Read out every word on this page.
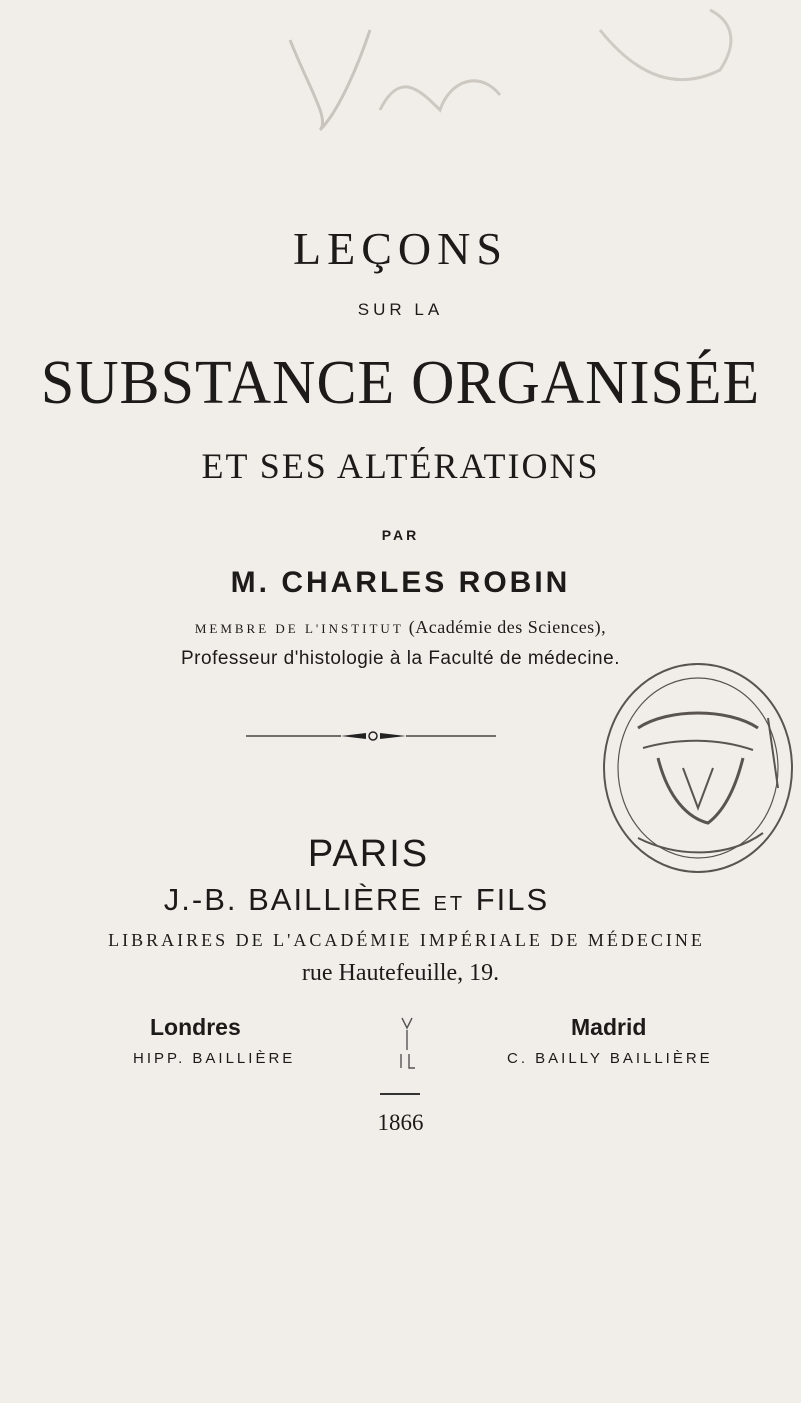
LEÇONS
SUR LA
SUBSTANCE ORGANISÉE
ET SES ALTÉRATIONS
PAR
M. CHARLES ROBIN
MEMBRE DE L'INSTITUT (Académie des Sciences),
Professeur d'histologie à la Faculté de médecine.
PARIS
J.-B. BAILLIÈRE ET FILS
LIBRAIRES DE L'ACADÉMIE IMPÉRIALE DE MÉDECINE
rue Hautefeuille, 19.
Londres	Madrid
HIPP. BAILLIÈRE	C. BAILLY BAILLIÈRE
1866
